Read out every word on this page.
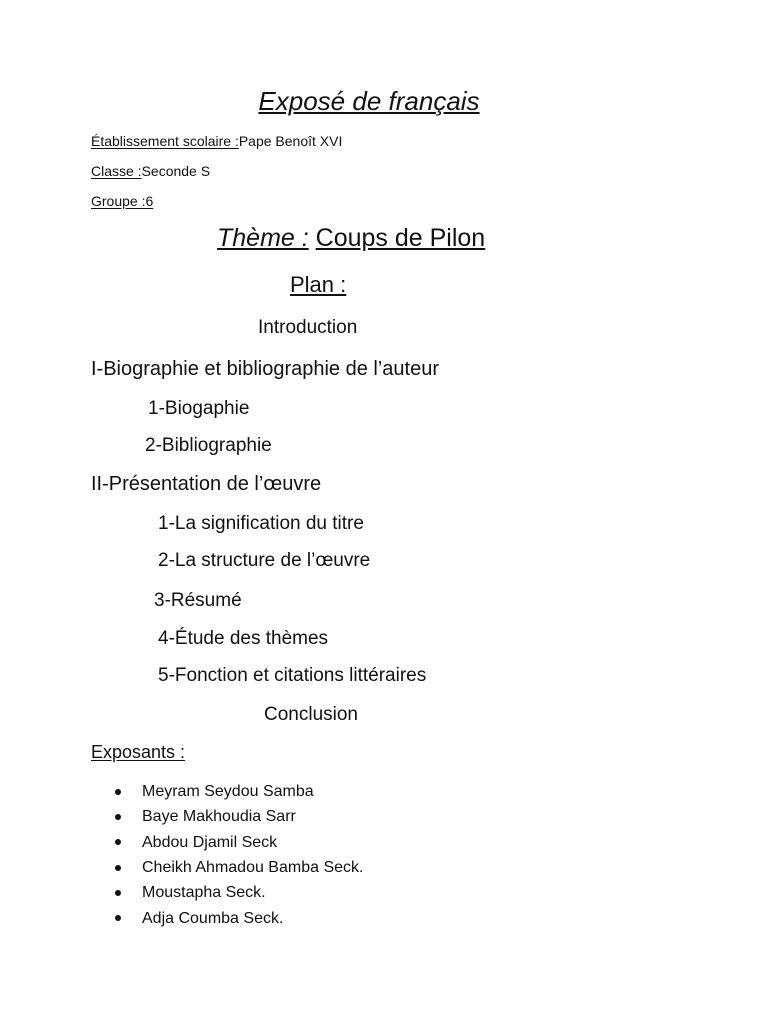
Exposé de français
Établissement scolaire :Pape Benoît XVI
Classe :Seconde S
Groupe :6
Thème : Coups de Pilon
Plan :
Introduction
I-Biographie et bibliographie de l’auteur
1-Biogaphie
2-Bibliographie
II-Présentation de l’œuvre
1-La signification du titre
2-La structure de l’œuvre
3-Résumé
4-Étude des thèmes
5-Fonction et citations littéraires
Conclusion
Exposants :
Meyram Seydou Samba
Baye Makhoudia Sarr
Abdou Djamil Seck
Cheikh Ahmadou Bamba Seck.
Moustapha Seck.
Adja Coumba Seck.
